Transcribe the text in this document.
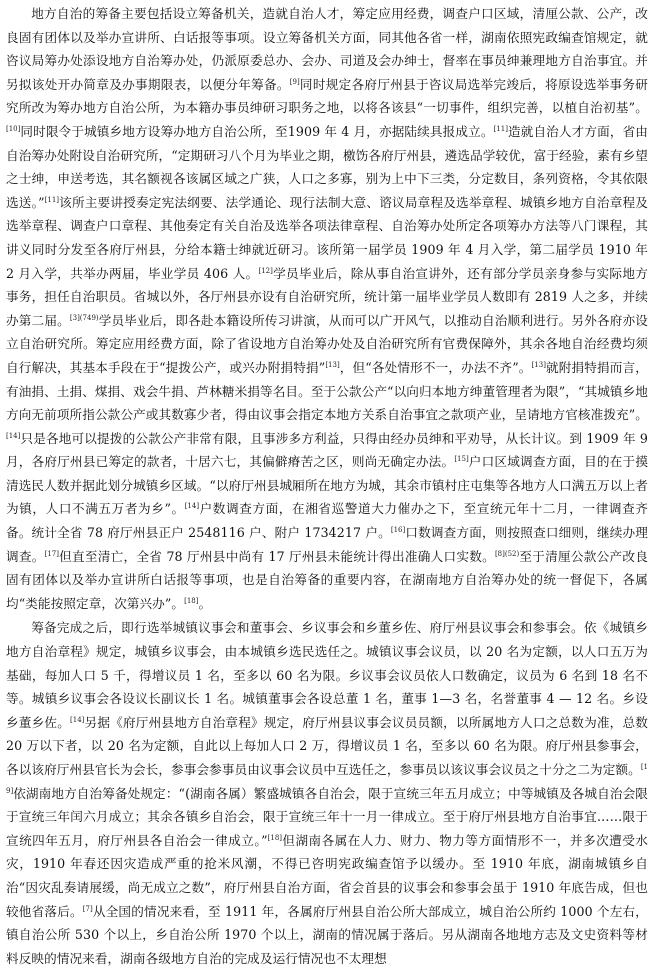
地方自治的筹备主要包括设立筹备机关，造就自治人才，筹定应用经费，调查户口区域，清厘公款、公产，改良固有团体以及举办宣讲所、白话报等事项。设立筹备机关方面，同其他各省一样，湖南依照宪政编查馆规定，就咨议局筹办处添设地方自治筹办处，仍派原委总办、会办、司道及会办绅士，督率在事员绅兼理地方自治事宜。并另拟该处开办简章及办事期限表，以便分年筹备。[9]同时规定各府厅州县于咨议局选举完竣后，将原设选举事务研究所改为筹办地方自治公所，为本籍办事员绅研习职务之地，以将各该县“一切事件，组织完善，以植自治初基”。[10]同时限令于城镇乡地方设筹办地方自治公所，至1909 年 4 月，亦据陆续具报成立。[11]造就自治人才方面，省由自治筹办处附设自治研究所，“定期研习八个月为毕业之期，檄饬各府厅州县，遴选品学较优，富于经验，素有乡望之士绅，申送考选，其名额视各该属区域之广狭，人口之多寡，别为上中下三类，分定数目，条列资格，令其依限选送。”[11]该所主要讲授奏定宪法纲要、法学通论、现行法制大意、谘议局章程及选举章程、城镇乡地方自治章程及选举章程、调查户口章程、其他奏定有关自治及选举各项法律章程、自治筹办处所定各项筹办方法等八门课程，其讲义同时分发至各府厅州县，分给本籍士绅就近研习。该所第一届学员 1909 年 4 月入学，第二届学员 1910 年 2 月入学，共举办两届，毕业学员 406 人。[12]学员毕业后，除从事自治宣讲外，还有部分学员亲身参与实际地方事务，担任自治职员。省城以外，各厅州县亦设有自治研究所，统计第一届毕业学员人数即有 2819 人之多，并续办第二届。$^{[3](749)}$学员毕业后，即各赴本籍设所传习讲演，从而可以广开风气，以推动自治顺利进行。另外各府亦设立自治研究所。筹定应用经费方面，除了省设地方自治筹办处及自治研究所有官费保障外，其余各地自治经费均须自行解决，其基本手段在于“提拨公产，或兴办附捐特捐”[13]，但“各处情形不一，办法不齐”。[13]就附捐特捐而言，有油捐、土捐、煤捐、戏会牛捐、芦林糖米捐等名目。至于公款公产“以向归本地方绅董管理者为限”，“其城镇乡地方向无前项所指公款公产或其数寡少者，得由议事会指定本地方关系自治事宜之款项产业，呈请地方官核准拨充”。[14]只是各地可以提拨的公款公产非常有限，且事涉多方利益，只得由经办员绅和平劝导，从长计议。到 1909 年 9 月，各府厅州县已筹定的款者，十居六七，其偏僻瘠苦之区，则尚无确定办法。[15]户口区域调查方面，目的在于摸清选民人数并据此划分城镇乡区域。“以府厅州县城厢所在地方为城，其余市镇村庄屯集等各地方人口满五万以上者为镇，人口不满五万者为乡”。[14]户数调查方面，在湘省巡警道大力催办之下，至宣统元年十二月，一律调查齐备。统计全省 78 府厅州县正户 2548116 户、附户 1734217 户。[16]口数调查方面，则按照查口细则，继续办理调查。[17]但直至清亡，全省 78 厅州县中尚有 17 厅州县未能统计得出准确人口实数。$^{[8](52)}$至于清厘公款公产改良固有团体以及举办宣讲所白话报等事项，也是自治筹备的重要内容，在湖南地方自治筹办处的统一督促下，各属均“类能按照定章，次第兴办”。[18]。

筹备完成之后，即行选举城镇议事会和董事会、乡议事会和乡董乡佐、府厅州县议事会和参事会。依《城镇乡地方自治章程》规定，城镇乡议事会，由本城镇乡选民选任之。城镇议事会议员，以 20 名为定额，以人口五万为基础，每加人口 5 千，得增议员 1 名，至多以 60 名为限。乡议事会议员依人口数确定，议员为 6 名到 18 名不等。城镇乡议事会各设议长副议长 1 名。城镇董事会各设总董 1 名，董事 1—3 名，名誉董事 4 — 12 名。乡设乡董乡佐。[14]另据《府厅州县地方自治章程》规定，府厅州县议事会议员员额，以所属地方人口之总数为准，总数 20 万以下者，以 20 名为定额，自此以上每加人口 2 万，得增议员 1 名，至多以 60 名为限。府厅州县参事会，各以该府厅州县官长为会长，参事会参事员由议事会议员中互选任之，参事员以该议事会议员之十分之二为定额。[19]依湖南地方自治筹备处规定：“(湖南各属）繁盛城镇各自治会，限于宣统三年五月成立；中等城镇及各城自治会限于宣统三年闰六月成立；其余各镇乡自治会，限于宣统三年十一月一律成立。至于府厅州县地方自治事宜……限于宣统四年五月，府厅州县各自治会一律成立。”[18]但湖南各属在人力、财力、物力等方面情形不一，并多次遭受水灾，1910 年春还因灾造成严重的抢米风潮，不得已咨明宪政编查馆予以缓办。至 1910 年底，湖南城镇乡自治“因灾乱奏请展缓，尚无成立之数”，府厅州县自治方面，省会首县的议事会和参事会虽于 1910 年底告成，但也较他省落后。[7]从全国的情况来看，至 1911 年，各属府厅州县自治公所大部成立，城自治公所约 1000 个左右，镇自治公所 530 个以上，乡自治公所 1970 个以上，湖南的情况属于落后。另从湖南各地地方志及文史资料等材料反映的情况来看，湖南各级地方自治的完成及运行情况也不太理想
